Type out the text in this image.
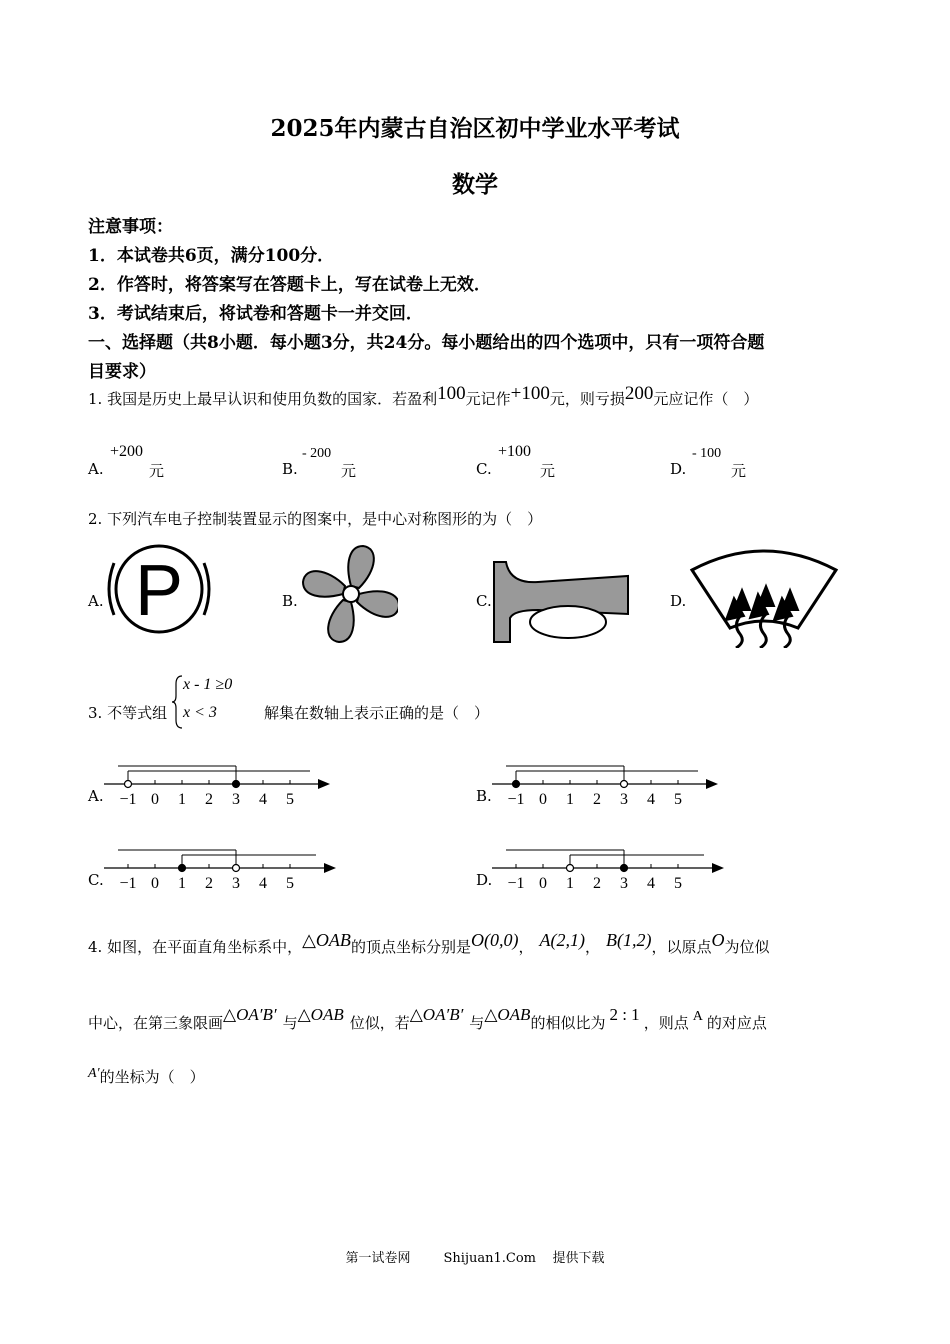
2025年内蒙古自治区初中学业水平考试
数学
注意事项：
1．本试卷共6页，满分100分．
2．作答时，将答案写在答题卡上，写在试卷上无效．
3．考试结束后，将试卷和答题卡一并交回．
一、选择题（共8小题．每小题3分，共24分。每小题给出的四个选项中，只有一项符合题
目要求）
1. 我国是历史上最早认识和使用负数的国家．若盈利100元记作+100元，则亏损200元应记作（　）
A.
+200
元	B.
- 200
元	C.
+100
元	D.
- 100
元
2. 下列汽车电子控制装置显示的图案中，是中心对称图形的为（　）
A. P	B.	C.	D.
3. 不等式组
x - 1 ≥0
x < 3	解集在数轴上表示正确的是（　）
A. −1 0 1 2 3 4 5	B. −1 0 1 2 3 4 5
C. −1 0 1 2 3 4 5	D. −1 0 1 2 3 4 5
4. 如图，在平面直角坐标系中，△OAB的顶点坐标分别是O(0,0)， A(2,1)， B(1,2)，以原点O为位似
中心，在第三象限画△OA′B′ 与△OAB 位似，若△OA′B′ 与△OAB的相似比为 2 : 1 ，则点 A 的对应点
A′的坐标为（　）
第一试卷网	Shijuan1.Com 提供下载
